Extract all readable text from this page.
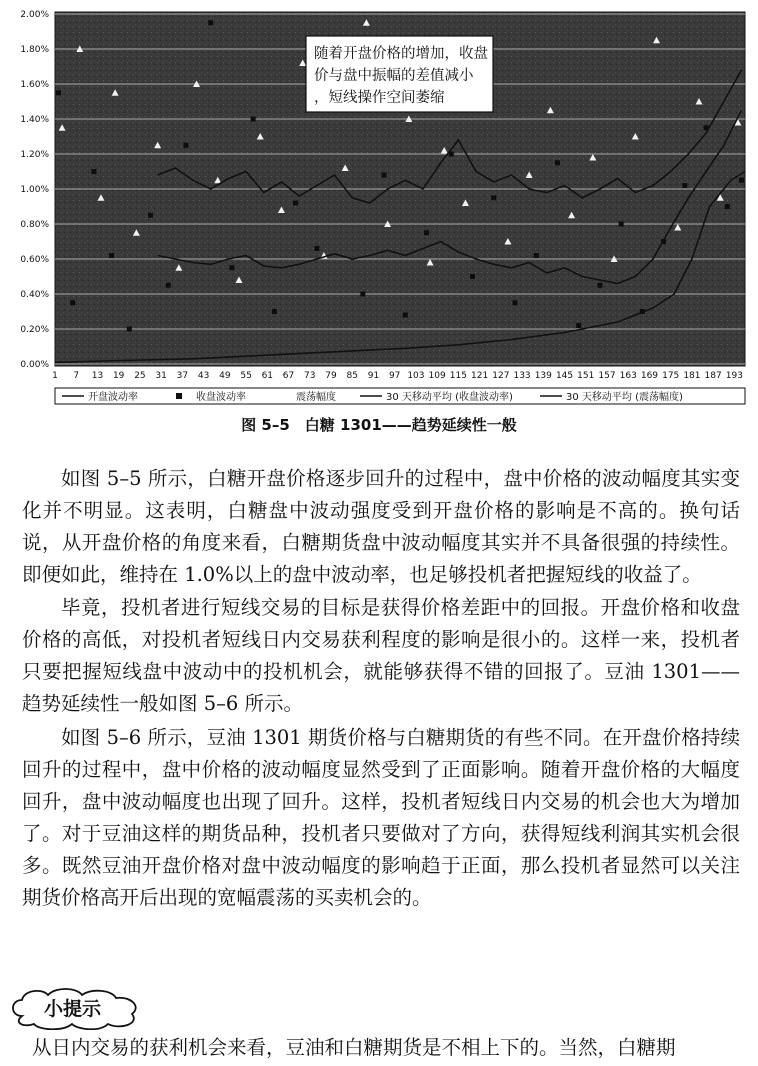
2.00%
1.80%
1.60%
1.40%
1.20%
1.00%
0.80%
0.60%
0.40%
0.20%
0.00%
1 7 13 19 25 31 37 43 49 55 61 67 73 79 85 91 97 103 109 115 121 127 133 139 145 151 157 163 169 175 181 187 193
随着开盘价格的增加，收盘价与盘中振幅的差值减小，短线操作空间萎缩
开盘波动率	收盘波动率	震荡幅度	30 天移动平均 (收盘波动率)	30 天移动平均 (震荡幅度)
图 5–5　白糖 1301——趋势延续性一般

如图 5–5 所示，白糖开盘价格逐步回升的过程中，盘中价格的波动幅度其实变化并不明显。这表明，白糖盘中波动强度受到开盘价格的影响是不高的。换句话说，从开盘价格的角度来看，白糖期货盘中波动幅度其实并不具备很强的持续性。即便如此，维持在 1.0%以上的盘中波动率，也足够投机者把握短线的收益了。

毕竟，投机者进行短线交易的目标是获得价格差距中的回报。开盘价格和收盘价格的高低，对投机者短线日内交易获利程度的影响是很小的。这样一来，投机者只要把握短线盘中波动中的投机机会，就能够获得不错的回报了。豆油 1301——趋势延续性一般如图 5–6 所示。

如图 5–6 所示，豆油 1301 期货价格与白糖期货的有些不同。在开盘价格持续回升的过程中，盘中价格的波动幅度显然受到了正面影响。随着开盘价格的大幅度回升，盘中波动幅度也出现了回升。这样，投机者短线日内交易的机会也大为增加了。对于豆油这样的期货品种，投机者只要做对了方向，获得短线利润其实机会很多。既然豆油开盘价格对盘中波动幅度的影响趋于正面，那么投机者显然可以关注期货价格高开后出现的宽幅震荡的买卖机会的。

小提示

从日内交易的获利机会来看，豆油和白糖期货是不相上下的。当然，白糖期
